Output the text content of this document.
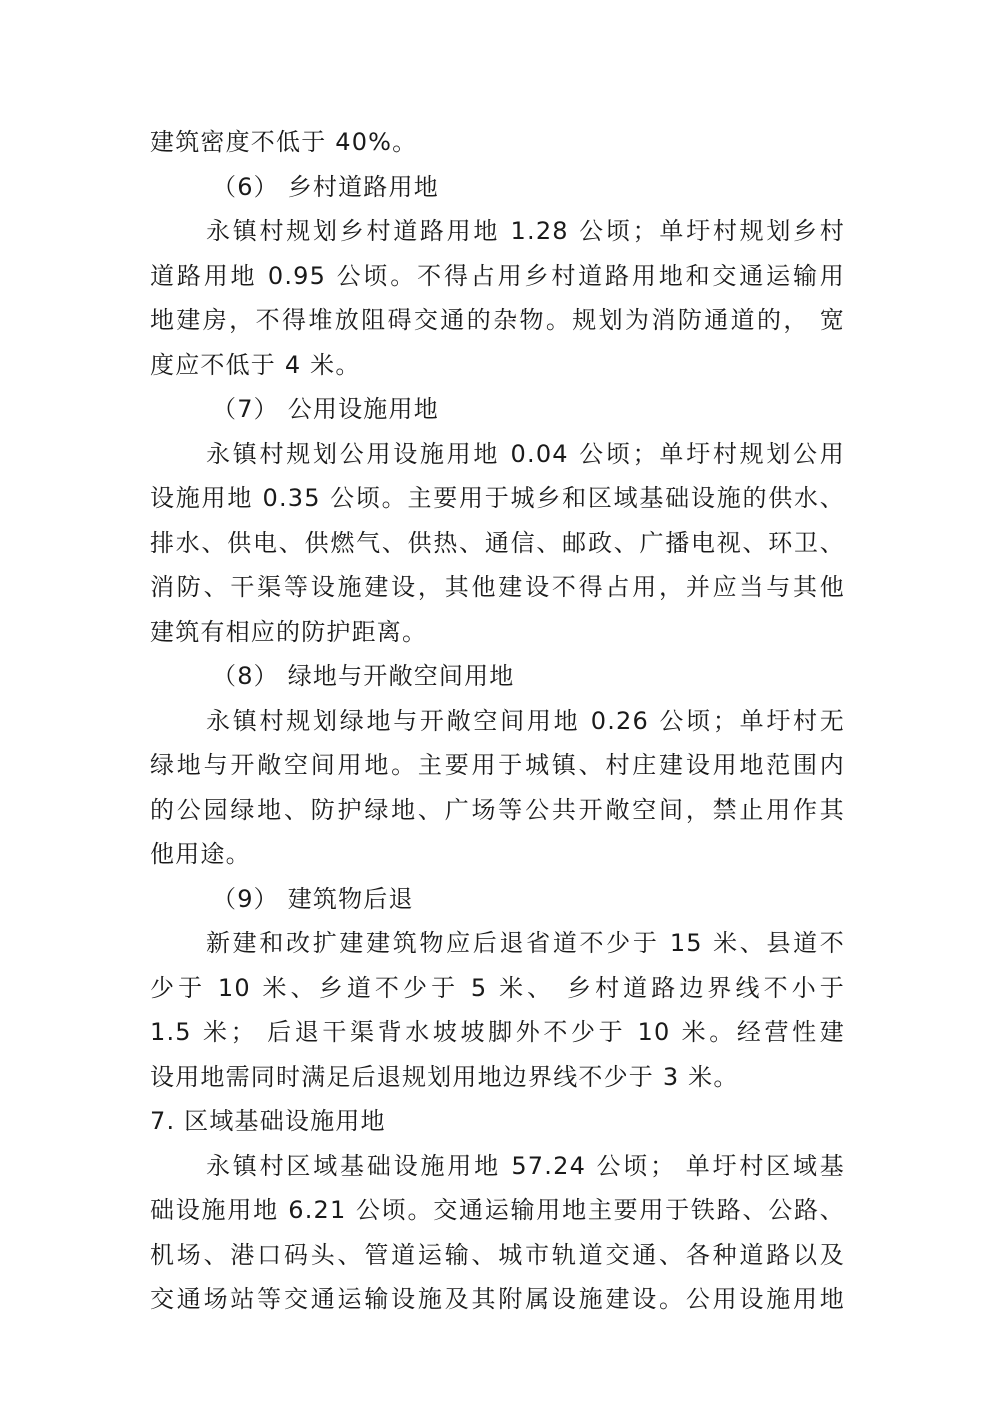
建筑密度不低于 40%。
（6） 乡村道路用地
永镇村规划乡村道路用地 1.28 公顷；单圩村规划乡村
道路用地 0.95 公顷。不得占用乡村道路用地和交通运输用
地建房，不得堆放阻碍交通的杂物。规划为消防通道的， 宽
度应不低于 4 米。
（7） 公用设施用地
永镇村规划公用设施用地 0.04 公顷；单圩村规划公用
设施用地 0.35 公顷。主要用于城乡和区域基础设施的供水、
排水、供电、供燃气、供热、通信、邮政、广播电视、环卫、
消防、干渠等设施建设，其他建设不得占用，并应当与其他
建筑有相应的防护距离。
（8） 绿地与开敞空间用地
永镇村规划绿地与开敞空间用地 0.26 公顷；单圩村无
绿地与开敞空间用地。主要用于城镇、村庄建设用地范围内
的公园绿地、防护绿地、广场等公共开敞空间，禁止用作其
他用途。
（9） 建筑物后退
新建和改扩建建筑物应后退省道不少于 15 米、县道不
少于 10 米、乡道不少于 5 米、 乡村道路边界线不小于
1.5 米； 后退干渠背水坡坡脚外不少于 10 米。经营性建
设用地需同时满足后退规划用地边界线不少于 3 米。
7. 区域基础设施用地
永镇村区域基础设施用地 57.24 公顷； 单圩村区域基
础设施用地 6.21 公顷。交通运输用地主要用于铁路、公路、
机场、港口码头、管道运输、城市轨道交通、各种道路以及
交通场站等交通运输设施及其附属设施建设。公用设施用地
